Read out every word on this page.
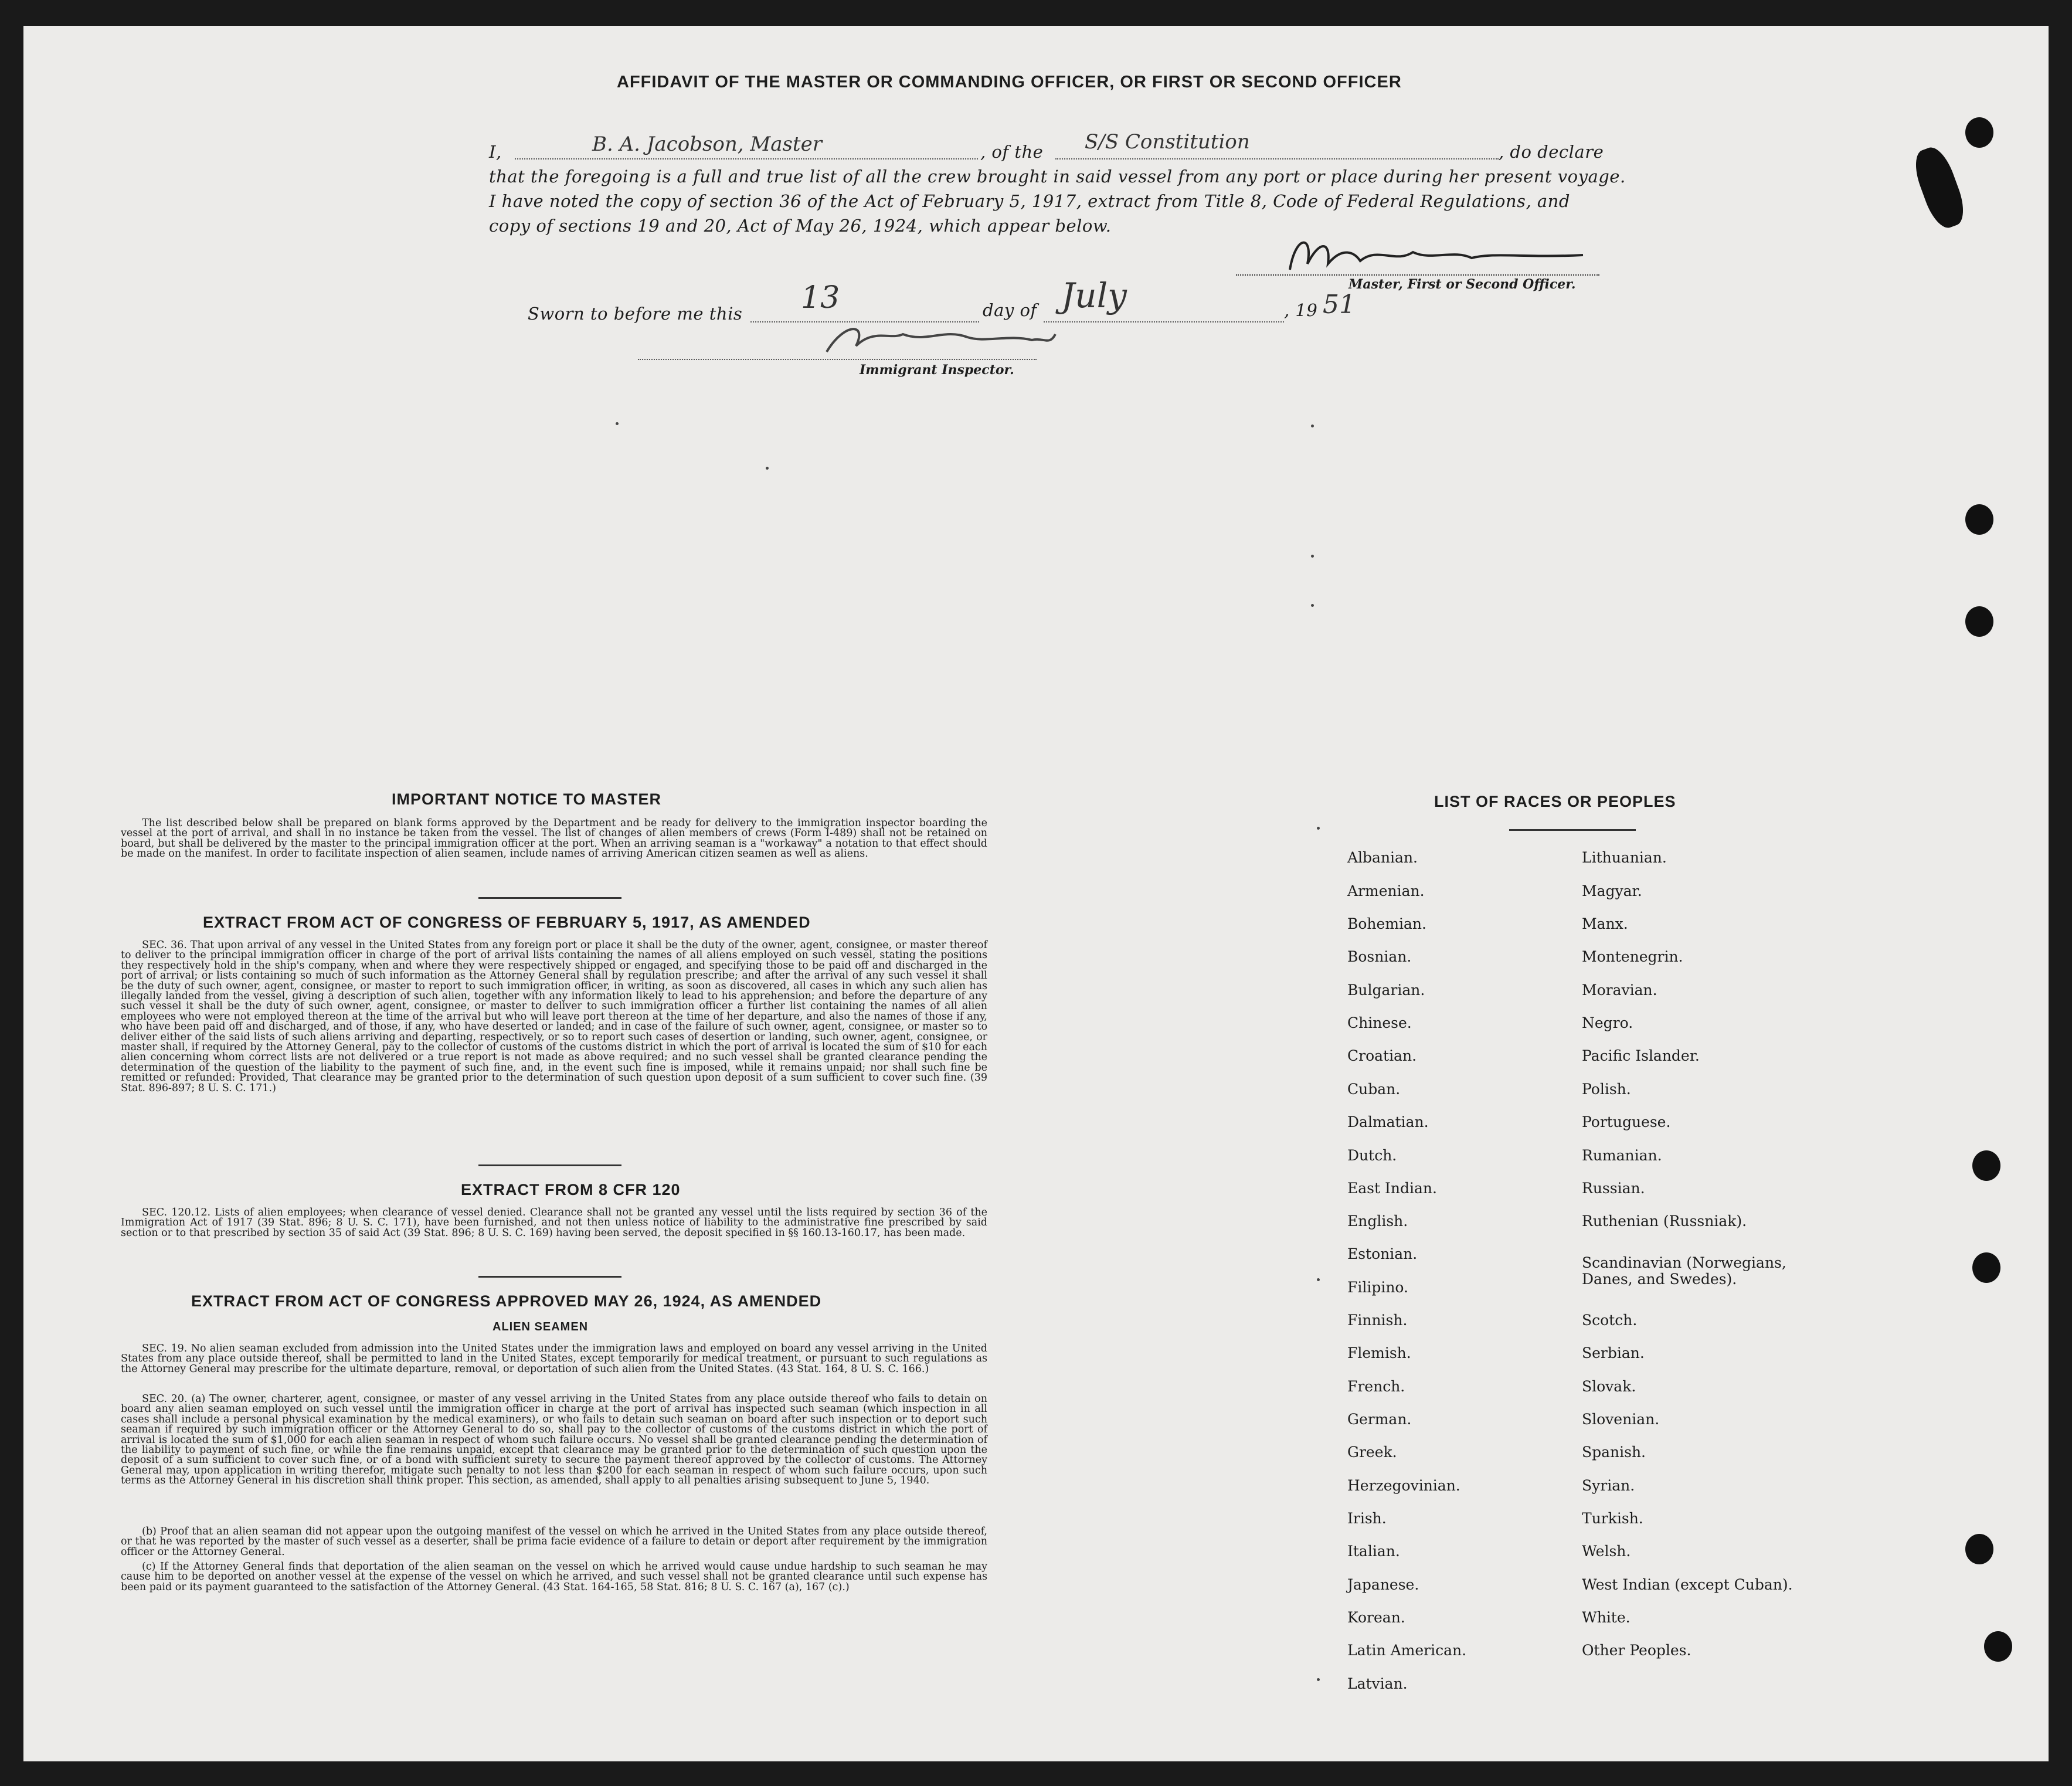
AFFIDAVIT OF THE MASTER OR COMMANDING OFFICER, OR FIRST OR SECOND OFFICER
I,	B. A. Jacobson, Master	, of the S/S Constitution	, do declare
that the foregoing is a full and true list of all the crew brought in said vessel from any port or place during her present voyage.
I have noted the copy of section 36 of the Act of February 5, 1917, extract from Title 8, Code of Federal Regulations, and
copy of sections 19 and 20, Act of May 26, 1924, which appear below.
Master, First or Second Officer.
Sworn to before me this 13	day of July	, 19 51
Immigrant Inspector.
IMPORTANT NOTICE TO MASTER
The list described below shall be prepared on blank forms approved by the Department and be ready for delivery to the immigration inspector boarding the vessel at the port of arrival, and shall in no instance be taken from the vessel. The list of changes of alien members of crews (Form I-489) shall not be retained on board, but shall be delivered by the master to the principal immigration officer at the port. When an arriving seaman is a "workaway" a notation to that effect should be made on the manifest. In order to facilitate inspection of alien seamen, include names of arriving American citizen seamen as well as aliens.
EXTRACT FROM ACT OF CONGRESS OF FEBRUARY 5, 1917, AS AMENDED
SEC. 36. That upon arrival of any vessel in the United States from any foreign port or place it shall be the duty of the owner, agent, consignee, or master thereof to deliver to the principal immigration officer in charge of the port of arrival lists containing the names of all aliens employed on such vessel, stating the positions they respectively hold in the ship's company, when and where they were respectively shipped or engaged, and specifying those to be paid off and discharged in the port of arrival; or lists containing so much of such information as the Attorney General shall by regulation prescribe; and after the arrival of any such vessel it shall be the duty of such owner, agent, consignee, or master to report to such immigration officer, in writing, as soon as discovered, all cases in which any such alien has illegally landed from the vessel, giving a description of such alien, together with any information likely to lead to his apprehension; and before the departure of any such vessel it shall be the duty of such owner, agent, consignee, or master to deliver to such immigration officer a further list containing the names of all alien employees who were not employed thereon at the time of the arrival but who will leave port thereon at the time of her departure, and also the names of those if any, who have been paid off and discharged, and of those, if any, who have deserted or landed; and in case of the failure of such owner, agent, consignee, or master so to deliver either of the said lists of such aliens arriving and departing, respectively, or so to report such cases of desertion or landing, such owner, agent, consignee, or master shall, if required by the Attorney General, pay to the collector of customs of the customs district in which the port of arrival is located the sum of $10 for each alien concerning whom correct lists are not delivered or a true report is not made as above required; and no such vessel shall be granted clearance pending the determination of the question of the liability to the payment of such fine, and, in the event such fine is imposed, while it remains unpaid; nor shall such fine be remitted or refunded: Provided, That clearance may be granted prior to the determination of such question upon deposit of a sum sufficient to cover such fine. (39 Stat. 896-897; 8 U. S. C. 171.)
EXTRACT FROM 8 CFR 120
SEC. 120.12. Lists of alien employees; when clearance of vessel denied. Clearance shall not be granted any vessel until the lists required by section 36 of the Immigration Act of 1917 (39 Stat. 896; 8 U. S. C. 171), have been furnished, and not then unless notice of liability to the administrative fine prescribed by said section or to that prescribed by section 35 of said Act (39 Stat. 896; 8 U. S. C. 169) having been served, the deposit specified in §§ 160.13-160.17, has been made.
EXTRACT FROM ACT OF CONGRESS APPROVED MAY 26, 1924, AS AMENDED
ALIEN SEAMEN
SEC. 19. No alien seaman excluded from admission into the United States under the immigration laws and employed on board any vessel arriving in the United States from any place outside thereof, shall be permitted to land in the United States, except temporarily for medical treatment, or pursuant to such regulations as the Attorney General may prescribe for the ultimate departure, removal, or deportation of such alien from the United States. (43 Stat. 164, 8 U. S. C. 166.)
SEC. 20. (a) The owner, charterer, agent, consignee, or master of any vessel arriving in the United States from any place outside thereof who fails to detain on board any alien seaman employed on such vessel until the immigration officer in charge at the port of arrival has inspected such seaman (which inspection in all cases shall include a personal physical examination by the medical examiners), or who fails to detain such seaman on board after such inspection or to deport such seaman if required by such immigration officer or the Attorney General to do so, shall pay to the collector of customs of the customs district in which the port of arrival is located the sum of $1,000 for each alien seaman in respect of whom such failure occurs. No vessel shall be granted clearance pending the determination of the liability to payment of such fine, or while the fine remains unpaid, except that clearance may be granted prior to the determination of such question upon the deposit of a sum sufficient to cover such fine, or of a bond with sufficient surety to secure the payment thereof approved by the collector of customs. The Attorney General may, upon application in writing therefor, mitigate such penalty to not less than $200 for each seaman in respect of whom such failure occurs, upon such terms as the Attorney General in his discretion shall think proper. This section, as amended, shall apply to all penalties arising subsequent to June 5, 1940.
(b) Proof that an alien seaman did not appear upon the outgoing manifest of the vessel on which he arrived in the United States from any place outside thereof, or that he was reported by the master of such vessel as a deserter, shall be prima facie evidence of a failure to detain or deport after requirement by the immigration officer or the Attorney General.
(c) If the Attorney General finds that deportation of the alien seaman on the vessel on which he arrived would cause undue hardship to such seaman he may cause him to be deported on another vessel at the expense of the vessel on which he arrived, and such vessel shall not be granted clearance until such expense has been paid or its payment guaranteed to the satisfaction of the Attorney General. (43 Stat. 164-165, 58 Stat. 816; 8 U. S. C. 167 (a), 167 (c).)
LIST OF RACES OR PEOPLES
Albanian.
Armenian.
Bohemian.
Bosnian.
Bulgarian.
Chinese.
Croatian.
Cuban.
Dalmatian.
Dutch.
East Indian.
English.
Estonian.
Filipino.
Finnish.
Flemish.
French.
German.
Greek.
Herzegovinian.
Irish.
Italian.
Japanese.
Korean.
Latin American.
Latvian.
Lithuanian.
Magyar.
Manx.
Montenegrin.
Moravian.
Negro.
Pacific Islander.
Polish.
Portuguese.
Rumanian.
Russian.
Ruthenian (Russniak).
Scandinavian (Norwegians, Danes, and Swedes).
Scotch.
Serbian.
Slovak.
Slovenian.
Spanish.
Syrian.
Turkish.
Welsh.
West Indian (except Cuban).
White.
Other Peoples.
